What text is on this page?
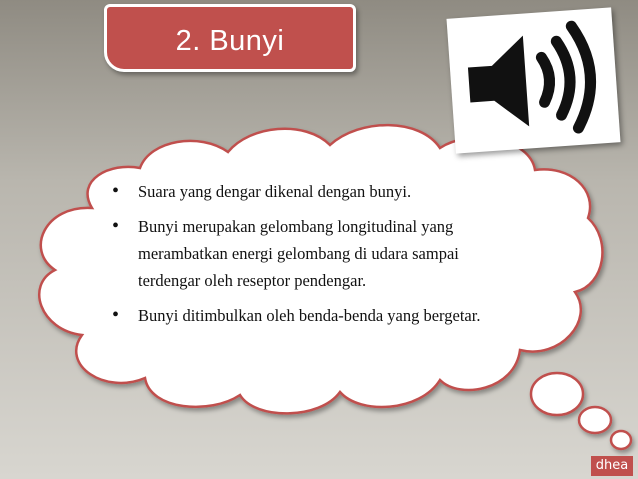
2. Bunyi
• Suara yang dengar dikenal dengan bunyi.
• Bunyi merupakan gelombang longitudinal yang merambatkan energi gelombang di udara sampai terdengar oleh reseptor pendengar.
• Bunyi ditimbulkan oleh benda-benda yang bergetar.
dhea
